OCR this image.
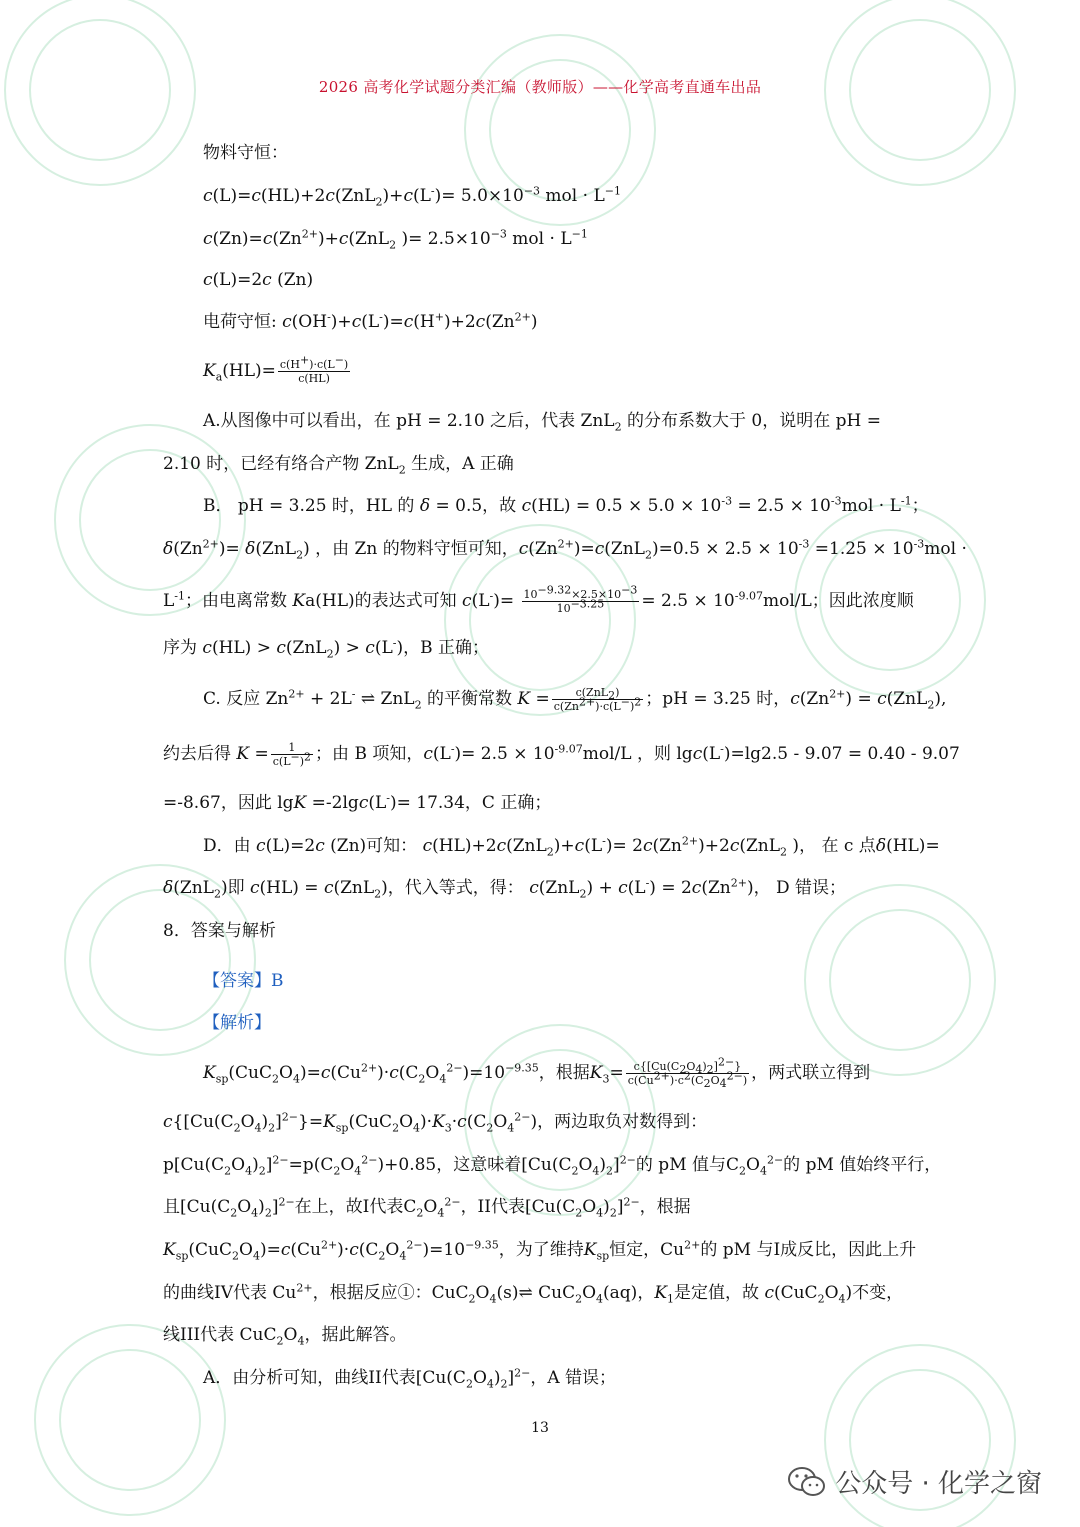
2026 高考化学试题分类汇编（教师版）——化学高考直通车出品
物料守恒：
$c(L)=c(HL)+2c(ZnL_2)+c(L^-)= 5.0\times 10^{-3}$ mol · $L^{-1}$
$c(Zn)=c(Zn^{2+})+c(ZnL_2$ )= $2.5\times 10^{-3}$ mol · $L^{-1}$
c(L)=2c (Zn)
电荷守恒: $c(OH^-)+c(L^-)=c(H^+)+2c(Zn^{2+})$
$K_a(HL)= \frac{c(H^+)\cdot c(L^-)}{c(HL)}$
A.从图像中可以看出，在 pH = 2.10 之后，代表 ZnL$_2$ 的分布系数大于 0，说明在 pH =
2.10 时，已经有络合产物 ZnL$_2$ 生成，A 正确
B． pH = 3.25 时，HL 的 δ = 0.5，故 $c(HL) = 0.5 \times 5.0 \times 10^{-3} = 2.5 \times 10^{-3}mol \cdot L^{-1}$；
$\delta(Zn^{2+})= \delta(ZnL_2)$ ，由 Zn 的物料守恒可知，$c(Zn^{2+})=c(ZnL_2)=0.5 \times 2.5 \times 10^{-3} =1.25 \times 10^{-3}mol$ ·
$L^{-1}$；由电离常数 Ka(HL)的表达式可知 $c(L^-)= \frac{10^{-9.32}\times 2.5\times 10^{-3}}{10^{-3.25}} = 2.5 \times 10^{-9.07}mol/L$；因此浓度顺
序为 c(HL) > c(ZnL$_2$) > c(L-)，B 正确；
C. 反应 $Zn^{2+} + 2L^-$ ⇌ ZnL$_2$ 的平衡常数 $K = \frac{c(ZnL_2)}{c(Zn^{2+})\cdot c(L^-)^2}$ ；pH = 3.25 时，$c(Zn^{2+}) = c(ZnL_2)$,
约去后得 $K = \frac{1}{c(L^-)^2}$ ；由 B 项知，$c(L^-)= 2.5 \times 10^{-9.07}mol/L$ ，则 lgc(L-)=lg2.5 - 9.07 = 0.40 - 9.07
=-8.67，因此 lgK =-2lgc(L-)= 17.34，C 正确；
D．由 c(L)=2c (Zn)可知： $c(HL)+2c(ZnL_2)+c(L^-)= 2c(Zn^{2+})+2c(ZnL_2$ )， 在 c 点δ(HL)=
δ(ZnL$_2$)即 c(HL) = c(ZnL$_2$)，代入等式，得： $c(ZnL_2) + c(L^-) = 2c(Zn^{2+})$， D 错误；
8．答案与解析
【答案】B
【解析】
$K_{sp}(CuC_2O_4)=c(Cu^{2+})\cdot c(C_2O_4^{2-})=10^{-9.35}$，根据$K_3= \frac{c\{[Cu(C_2O_4)_2]^{2-}\}}{c(Cu^{2+})\cdot c^2(C_2O_4^{2-})}$ ，两式联立得到
$c\{[Cu(C_2O_4)_2]^{2-}\}=K_{sp}(CuC_2O_4)\cdot K_3\cdot c(C_2O_4^{2-})$，两边取负对数得到：
$p[Cu(C_2O_4)_2]^{2-}=p(C_2O_4^{2-})+0.85$，这意味着$[Cu(C_2O_4)_2]^{2-}$的 pM 值与$C_2O_4^{2-}$的 pM 值始终平行，
且$[Cu(C_2O_4)_2]^{2-}$在上，故I代表$C_2O_4^{2-}$，II代表$[Cu(C_2O_4)_2]^{2-}$，根据
$K_{sp}(CuC_2O_4)=c(Cu^{2+})\cdot c(C_2O_4^{2-})=10^{-9.35}$，为了维持$K_{sp}$恒定，$Cu^{2+}$的 pM 与I成反比，因此上升
的曲线IV代表 $Cu^{2+}$，根据反应①：$CuC_2O_4(s)\rightleftharpoons$ $CuC_2O_4(aq)$，$K_1$是定值，故 $c(CuC_2O_4)$不变，
线III代表 $CuC_2O_4$，据此解答。
A．由分析可知，曲线II代表$[Cu(C_2O_4)_2]^{2-}$，A 错误；
13
公众号 · 化学之窗
